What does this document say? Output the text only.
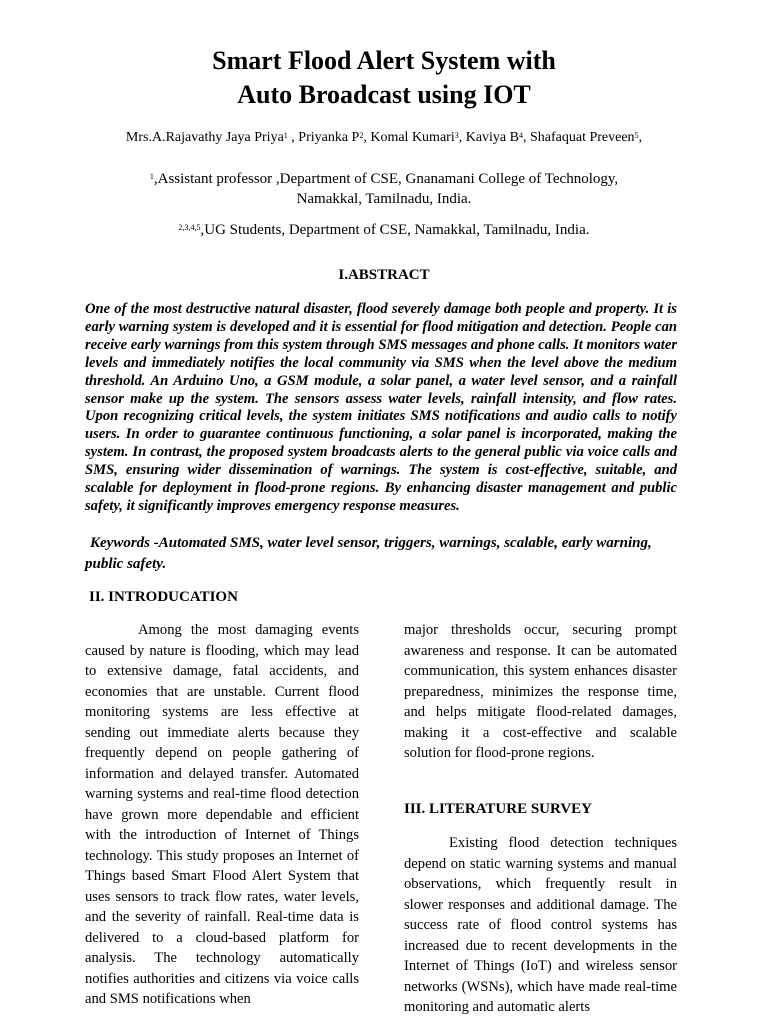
Smart Flood Alert System with
Auto Broadcast using IOT
Mrs.A.Rajavathy Jaya Priya$^1$ , Priyanka $P^2$, Komal Kumari$^3$, Kaviya $B^4$, Shafaquat Preveen$^5$,
$^1$,Assistant professor ,Department of CSE, Gnanamani College of Technology,
Namakkal, Tamilnadu, India.
$^{2,3,4,5}$,UG Students, Department of CSE, Namakkal, Tamilnadu, India.
I.ABSTRACT

One of the most destructive natural disaster, flood severely damage both people and property. It is early warning system is developed and it is essential for flood mitigation and detection. People can receive early warnings from this system through SMS messages and phone calls. It monitors water levels and immediately notifies the local community via SMS when the level above the medium threshold. An Arduino Uno, a GSM module, a solar panel, a water level sensor, and a rainfall sensor make up the system. The sensors assess water levels, rainfall intensity, and flow rates. Upon recognizing critical levels, the system initiates SMS notifications and audio calls to notify users. In order to guarantee continuous functioning, a solar panel is incorporated, making the system. In contrast, the proposed system broadcasts alerts to the general public via voice calls and SMS, ensuring wider dissemination of warnings. The system is cost-effective, suitable, and scalable for deployment in flood-prone regions. By enhancing disaster management and public safety, it significantly improves emergency response measures.

Keywords -Automated SMS, water level sensor, triggers, warnings, scalable, early warning,
public safety.

II. INTRODUCATION

Among the most damaging events caused by nature is flooding, which may lead to extensive damage, fatal accidents, and economies that are unstable. Current flood monitoring systems are less effective at sending out immediate alerts because they frequently depend on people gathering of information and delayed transfer. Automated warning systems and real-time flood detection have grown more dependable and efficient with the introduction of Internet of Things technology. This study proposes an Internet of Things based Smart Flood Alert System that uses sensors to track flow rates, water levels, and the severity of rainfall. Real-time data is delivered to a cloud-based platform for analysis. The technology automatically notifies authorities and citizens via voice calls and SMS notifications when

major thresholds occur, securing prompt awareness and response. It can be automated communication, this system enhances disaster preparedness, minimizes the response time, and helps mitigate flood-related damages, making it a cost-effective and scalable solution for flood-prone regions.

III. LITERATURE SURVEY

Existing flood detection techniques depend on static warning systems and manual observations, which frequently result in slower responses and additional damage. The success rate of flood control systems has increased due to recent developments in the Internet of Things (IoT) and wireless sensor networks (WSNs), which have made real-time monitoring and automatic alerts
